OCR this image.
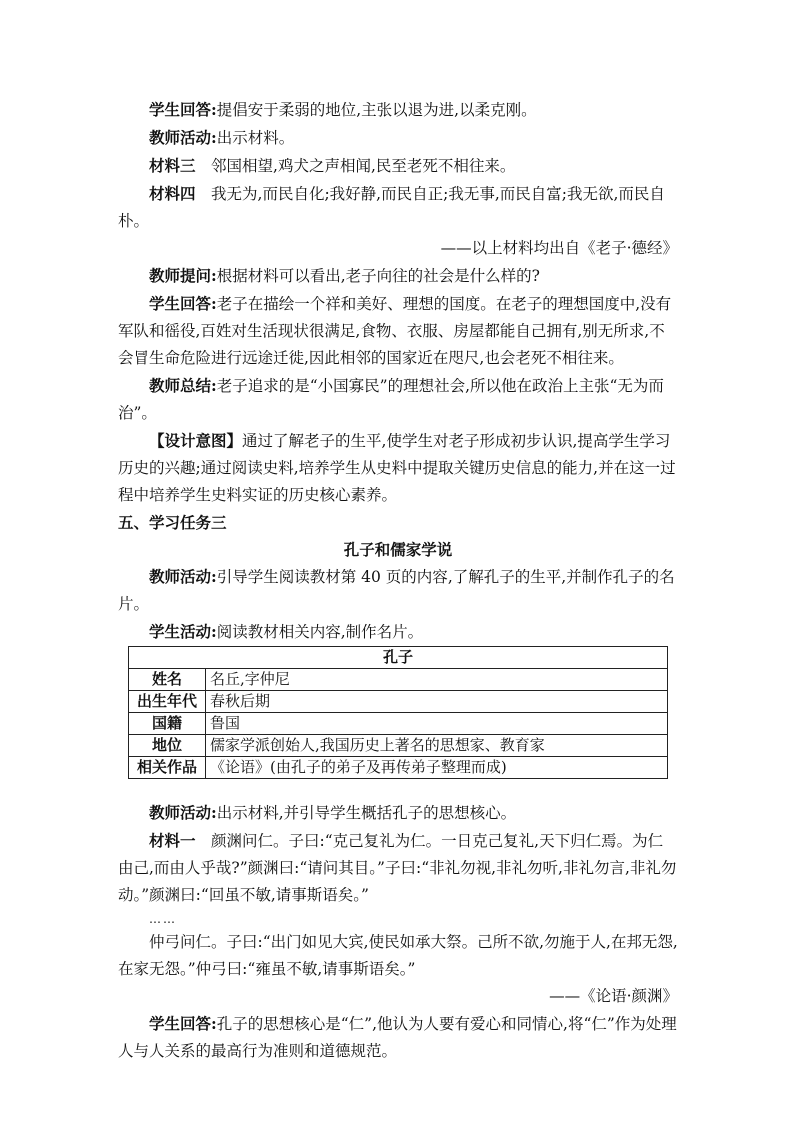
学生回答:提倡安于柔弱的地位,主张以退为进,以柔克刚。

教师活动:出示材料。

材料三　邻国相望,鸡犬之声相闻,民至老死不相往来。

材料四　我无为,而民自化;我好静,而民自正;我无事,而民自富;我无欲,而民自朴。

——以上材料均出自《老子·德经》

教师提问:根据材料可以看出,老子向往的社会是什么样的?

学生回答:老子在描绘一个祥和美好、理想的国度。在老子的理想国度中,没有军队和徭役,百姓对生活现状很满足,食物、衣服、房屋都能自己拥有,别无所求,不会冒生命危险进行远途迁徙,因此相邻的国家近在咫尺,也会老死不相往来。

教师总结:老子追求的是“小国寡民”的理想社会,所以他在政治上主张“无为而治”。

【设计意图】通过了解老子的生平,使学生对老子形成初步认识,提高学生学习历史的兴趣;通过阅读史料,培养学生从史料中提取关键历史信息的能力,并在这一过程中培养学生史料实证的历史核心素养。

五、学习任务三

孔子和儒家学说

教师活动:引导学生阅读教材第 40 页的内容,了解孔子的生平,并制作孔子的名片。

学生活动:阅读教材相关内容,制作名片。

孔子	
姓名	名丘,字仲尼
出生年代	春秋后期
国籍	鲁国
地位	儒家学派创始人,我国历史上著名的思想家、教育家
相关作品	《论语》(由孔子的弟子及再传弟子整理而成)

教师活动:出示材料,并引导学生概括孔子的思想核心。

材料一　颜渊问仁。子曰:“克己复礼为仁。一日克己复礼,天下归仁焉。为仁由己,而由人乎哉?”颜渊曰:“请问其目。”子曰:“非礼勿视,非礼勿听,非礼勿言,非礼勿动。”颜渊曰:“回虽不敏,请事斯语矣。”

……

仲弓问仁。子曰:“出门如见大宾,使民如承大祭。己所不欲,勿施于人,在邦无怨,在家无怨。”仲弓曰:“雍虽不敏,请事斯语矣。”

——《论语·颜渊》

学生回答:孔子的思想核心是“仁”,他认为人要有爱心和同情心,将“仁”作为处理人与人关系的最高行为准则和道德规范。
